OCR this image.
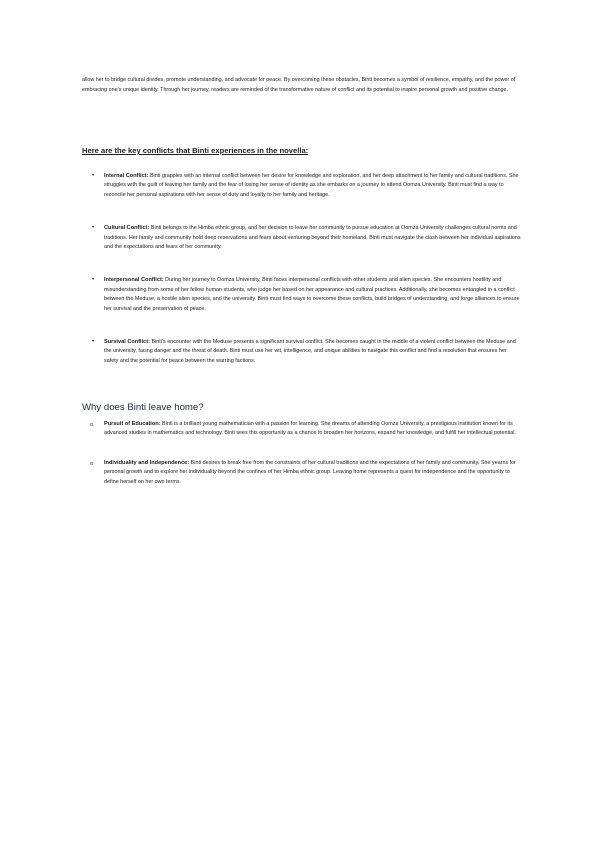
allow her to bridge cultural divides, promote understanding, and advocate for peace. By overcoming these obstacles, Binti becomes a symbol of resilience, empathy, and the power of embracing one's unique identity. Through her journey, readers are reminded of the transformative nature of conflict and its potential to inspire personal growth and positive change.

Here are the key conflicts that Binti experiences in the novella:
• Internal Conflict: Binti grapples with an internal conflict between her desire for knowledge and exploration, and her deep attachment to her family and cultural traditions. She struggles with the guilt of leaving her family and the fear of losing her sense of identity as she embarks on a journey to attend Oomza University. Binti must find a way to reconcile her personal aspirations with her sense of duty and loyalty to her family and heritage.

• Cultural Conflict: Binti belongs to the Himba ethnic group, and her decision to leave her community to pursue education at Oomza University challenges cultural norms and traditions. Her family and community hold deep reservations and fears about venturing beyond their homeland. Binti must navigate the clash between her individual aspirations and the expectations and fears of her community.

• Interpersonal Conflict: During her journey to Oomza University, Binti faces interpersonal conflicts with other students and alien species. She encounters hostility and misunderstanding from some of her fellow human students, who judge her based on her appearance and cultural practices. Additionally, she becomes entangled in a conflict between the Meduse, a hostile alien species, and the university. Binti must find ways to overcome these conflicts, build bridges of understanding, and forge alliances to ensure her survival and the preservation of peace.

• Survival Conflict: Binti's encounter with the Meduse presents a significant survival conflict. She becomes caught in the middle of a violent conflict between the Meduse and the university, facing danger and the threat of death. Binti must use her wit, intelligence, and unique abilities to navigate this conflict and find a resolution that ensures her safety and the potential for peace between the warring factions.

Why does Binti leave home?
o Pursuit of Education: Binti is a brilliant young mathematician with a passion for learning. She dreams of attending Oomza University, a prestigious institution known for its advanced studies in mathematics and technology. Binti sees this opportunity as a chance to broaden her horizons, expand her knowledge, and fulfill her intellectual potential.

o Individuality and Independence: Binti desires to break free from the constraints of her cultural traditions and the expectations of her family and community. She yearns for personal growth and to explore her individuality beyond the confines of her Himba ethnic group. Leaving home represents a quest for independence and the opportunity to define herself on her own terms.
